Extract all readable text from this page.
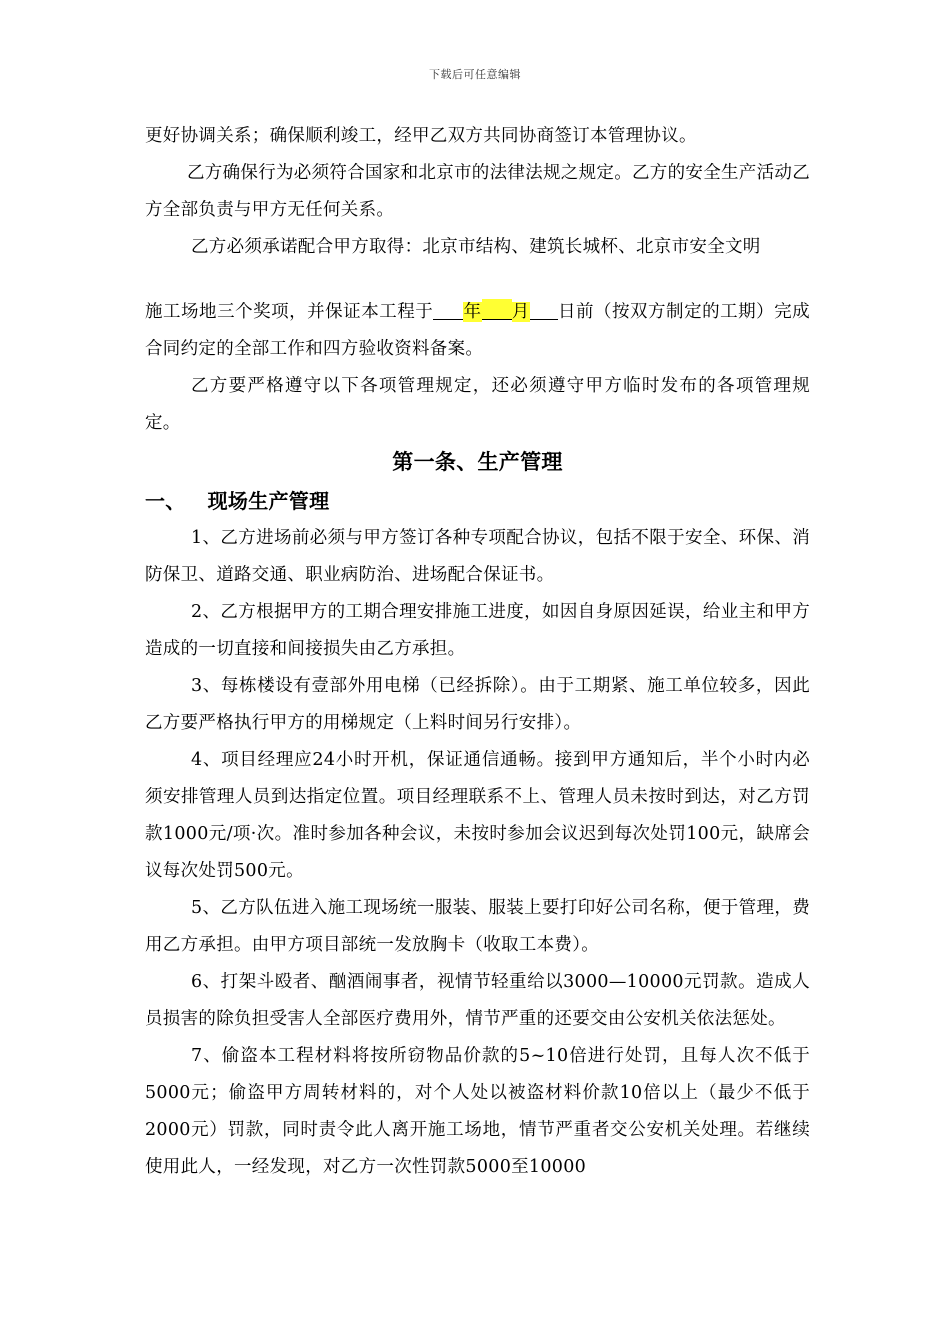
下载后可任意编辑

更好协调关系；确保顺利竣工，经甲乙双方共同协商签订本管理协议。

乙方确保行为必须符合国家和北京市的法律法规之规定。乙方的安全生产活动乙方全部负责与甲方无任何关系。

乙方必须承诺配合甲方取得：北京市结构、建筑长城杯、北京市安全文明

施工场地三个奖项，并保证本工程于 年 月 日前（按双方制定的工期）完成合同约定的全部工作和四方验收资料备案。

乙方要严格遵守以下各项管理规定，还必须遵守甲方临时发布的各项管理规定。

第一条、生产管理

一、 现场生产管理

1、乙方进场前必须与甲方签订各种专项配合协议，包括不限于安全、环保、消防保卫、道路交通、职业病防治、进场配合保证书。

2、乙方根据甲方的工期合理安排施工进度，如因自身原因延误，给业主和甲方造成的一切直接和间接损失由乙方承担。

3、每栋楼设有壹部外用电梯（已经拆除）。由于工期紧、施工单位较多，因此乙方要严格执行甲方的用梯规定（上料时间另行安排）。

4、项目经理应24小时开机，保证通信通畅。接到甲方通知后，半个小时内必须安排管理人员到达指定位置。项目经理联系不上、管理人员未按时到达，对乙方罚款1000元/项·次。准时参加各种会议，未按时参加会议迟到每次处罚100元，缺席会议每次处罚500元。

5、乙方队伍进入施工现场统一服装、服装上要打印好公司名称，便于管理，费用乙方承担。由甲方项目部统一发放胸卡（收取工本费）。

6、打架斗殴者、酗酒闹事者，视情节轻重给以3000—10000元罚款。造成人员损害的除负担受害人全部医疗费用外，情节严重的还要交由公安机关依法惩处。

7、偷盗本工程材料将按所窃物品价款的5~10倍进行处罚，且每人次不低于5000元；偷盗甲方周转材料的，对个人处以被盗材料价款10倍以上（最少不低于2000元）罚款，同时责令此人离开施工场地，情节严重者交公安机关处理。若继续使用此人，一经发现，对乙方一次性罚款5000至10000
